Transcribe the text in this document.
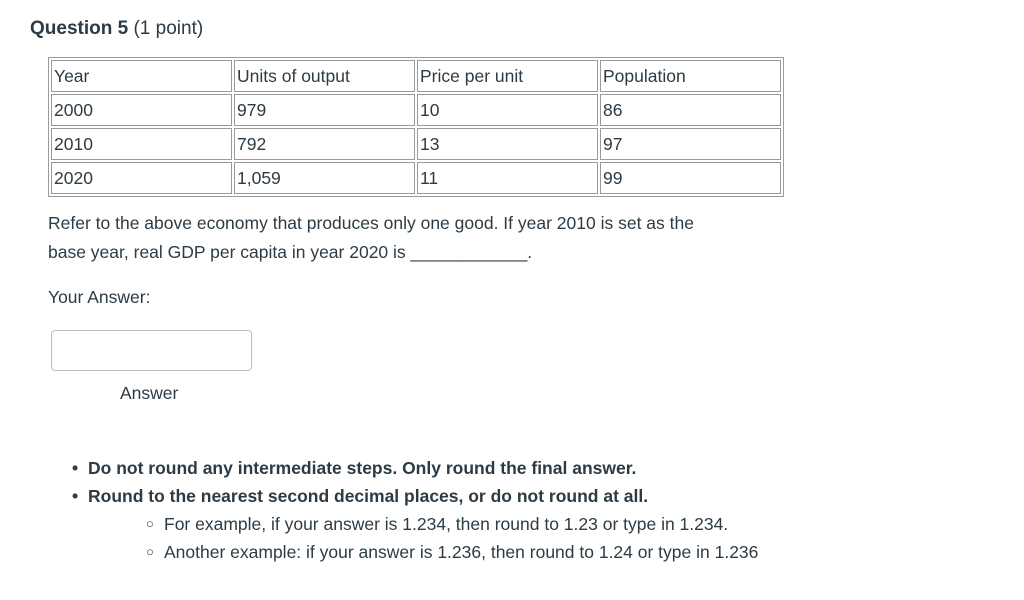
Question 5 (1 point)
Year	Units of output	Price per unit	Population
2000	979	10	86
2010	792	13	97
2020	1,059	11	99
Refer to the above economy that produces only one good. If year 2010 is set as the
base year, real GDP per capita in year 2020 is ____________.
Your Answer:
Answer
• Do not round any intermediate steps. Only round the final answer.
• Round to the nearest second decimal places, or do not round at all.
○ For example, if your answer is 1.234, then round to 1.23 or type in 1.234.
○ Another example: if your answer is 1.236, then round to 1.24 or type in 1.236
